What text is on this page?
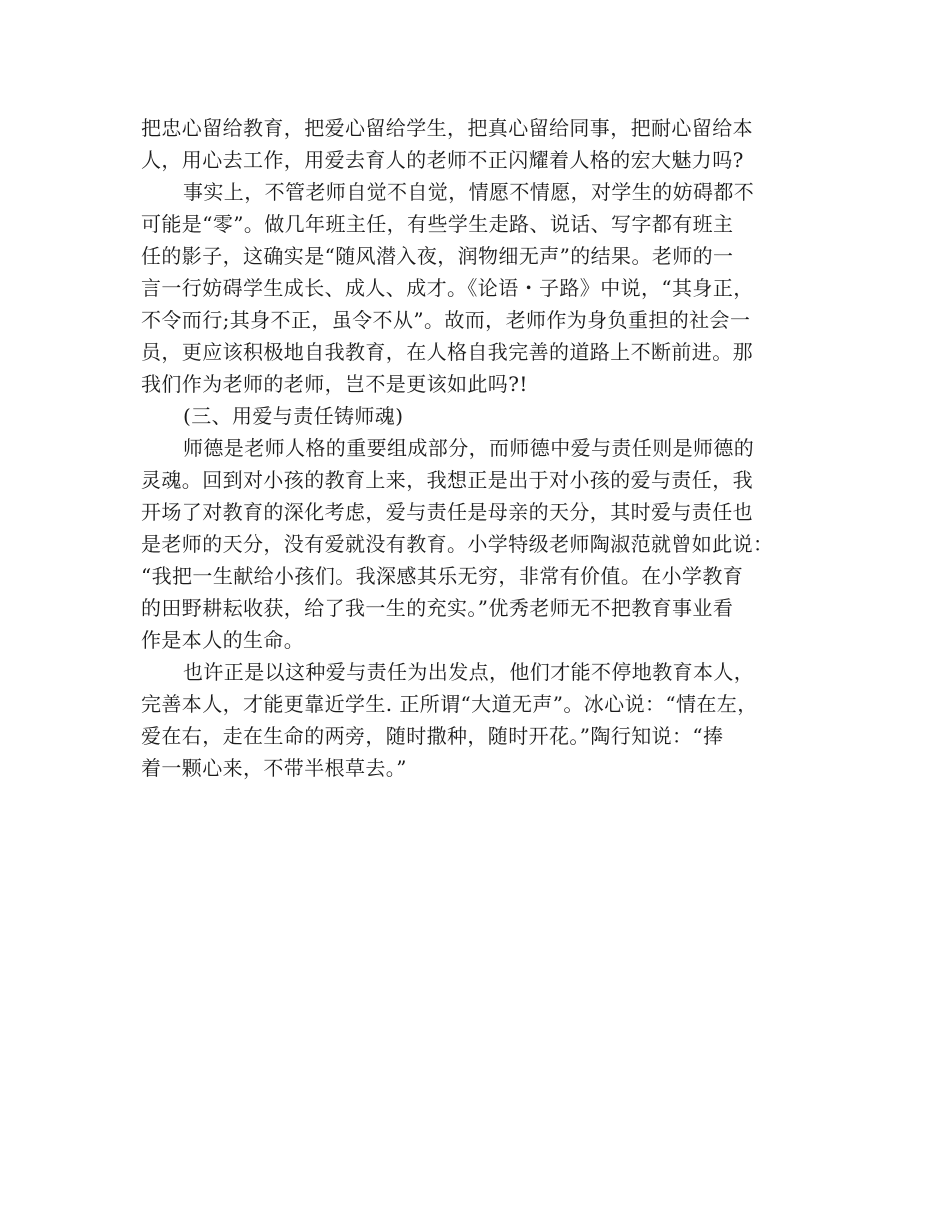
把忠心留给教育，把爱心留给学生，把真心留给同事，把耐心留给本
人，用心去工作，用爱去育人的老师不正闪耀着人格的宏大魅力吗?
事实上，不管老师自觉不自觉，情愿不情愿，对学生的妨碍都不
可能是“零”。做几年班主任，有些学生走路、说话、写字都有班主
任的影子，这确实是“随风潜入夜，润物细无声”的结果。老师的一
言一行妨碍学生成长、成人、成才。《论语・子路》中说，“其身正，
不令而行;其身不正，虽令不从”。故而，老师作为身负重担的社会一
员，更应该积极地自我教育，在人格自我完善的道路上不断前进。那
我们作为老师的老师，岂不是更该如此吗?!
(三、用爱与责任铸师魂)
师德是老师人格的重要组成部分，而师德中爱与责任则是师德的
灵魂。回到对小孩的教育上来，我想正是出于对小孩的爱与责任，我
开场了对教育的深化考虑，爱与责任是母亲的天分，其时爱与责任也
是老师的天分，没有爱就没有教育。小学特级老师陶淑范就曾如此说：
“我把一生献给小孩们。我深感其乐无穷，非常有价值。在小学教育
的田野耕耘收获，给了我一生的充实。”优秀老师无不把教育事业看
作是本人的生命。
也许正是以这种爱与责任为出发点，他们才能不停地教育本人，
完善本人，才能更靠近学生. 正所谓“大道无声”。冰心说：“情在左，
爱在右，走在生命的两旁，随时撒种，随时开花。”陶行知说：“捧
着一颗心来，不带半根草去。”
